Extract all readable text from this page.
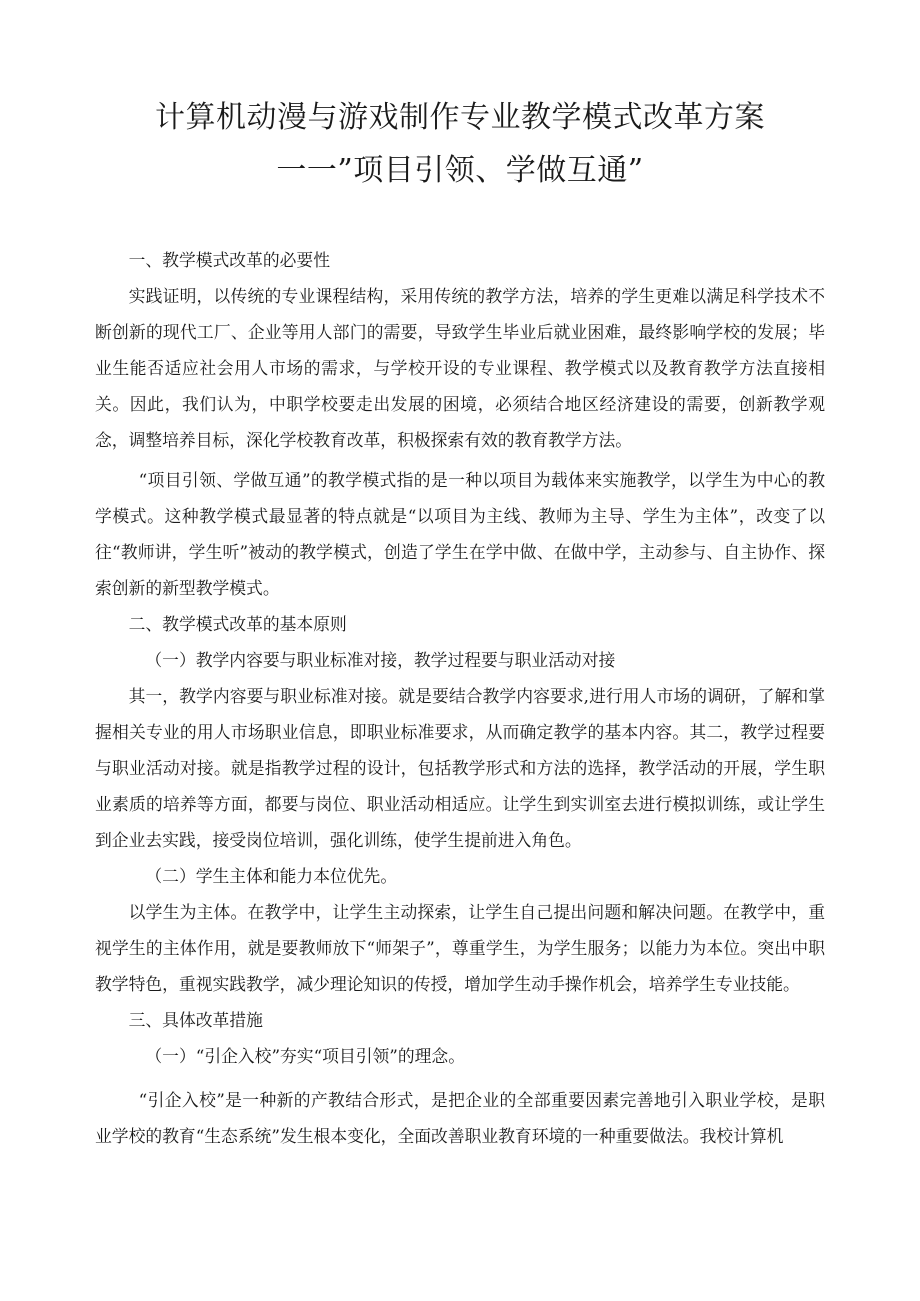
计算机动漫与游戏制作专业教学模式改革方案
一一”项目引领、学做互通”

一、教学模式改革的必要性

实践证明，以传统的专业课程结构，采用传统的教学方法，培养的学生更难以满足科学技术不断创新的现代工厂、企业等用人部门的需要，导致学生毕业后就业困难，最终影响学校的发展；毕业生能否适应社会用人市场的需求，与学校开设的专业课程、教学模式以及教育教学方法直接相关。因此，我们认为，中职学校要走出发展的困境，必须结合地区经济建设的需要，创新教学观念，调整培养目标，深化学校教育改革，积极探索有效的教育教学方法。

“项目引领、学做互通”的教学模式指的是一种以项目为载体来实施教学，以学生为中心的教学模式。这种教学模式最显著的特点就是“以项目为主线、教师为主导、学生为主体”，改变了以往“教师讲，学生听”被动的教学模式，创造了学生在学中做、在做中学，主动参与、自主协作、探索创新的新型教学模式。

二、教学模式改革的基本原则

（一）教学内容要与职业标准对接，教学过程要与职业活动对接

其一，教学内容要与职业标准对接。就是要结合教学内容要求,进行用人市场的调研，了解和掌握相关专业的用人市场职业信息，即职业标准要求，从而确定教学的基本内容。其二，教学过程要与职业活动对接。就是指教学过程的设计，包括教学形式和方法的选择，教学活动的开展，学生职业素质的培养等方面，都要与岗位、职业活动相适应。让学生到实训室去进行模拟训练，或让学生到企业去实践，接受岗位培训，强化训练，使学生提前进入角色。

（二）学生主体和能力本位优先。

以学生为主体。在教学中，让学生主动探索，让学生自己提出问题和解决问题。在教学中，重视学生的主体作用，就是要教师放下“师架子”，尊重学生，为学生服务；以能力为本位。突出中职教学特色，重视实践教学，减少理论知识的传授，增加学生动手操作机会，培养学生专业技能。

三、具体改革措施

（一）“引企入校”夯实“项目引领”的理念。

“引企入校”是一种新的产教结合形式，是把企业的全部重要因素完善地引入职业学校，是职业学校的教育“生态系统”发生根本变化，全面改善职业教育环境的一种重要做法。我校计算机
